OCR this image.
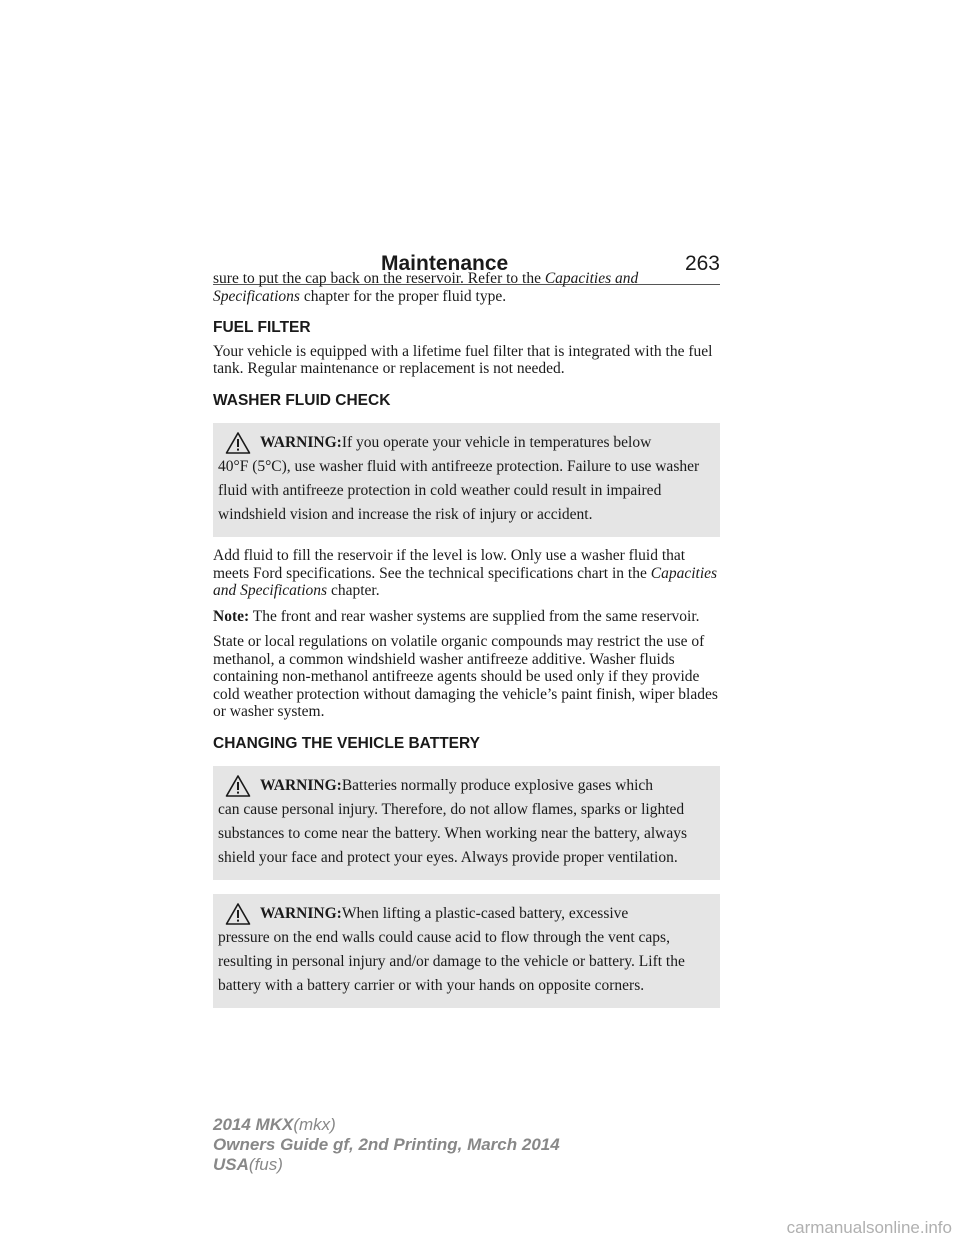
Maintenance	263

sure to put the cap back on the reservoir. Refer to the Capacities and Specifications chapter for the proper fluid type.

FUEL FILTER

Your vehicle is equipped with a lifetime fuel filter that is integrated with the fuel tank. Regular maintenance or replacement is not needed.

WASHER FLUID CHECK
WARNING:If you operate your vehicle in temperatures below
40°F (5°C), use washer fluid with antifreeze protection. Failure to use washer fluid with antifreeze protection in cold weather could result in impaired windshield vision and increase the risk of injury or accident.

Add fluid to fill the reservoir if the level is low. Only use a washer fluid that meets Ford specifications. See the technical specifications chart in the Capacities and Specifications chapter.

Note: The front and rear washer systems are supplied from the same reservoir.

State or local regulations on volatile organic compounds may restrict the use of methanol, a common windshield washer antifreeze additive. Washer fluids containing non-methanol antifreeze agents should be used only if they provide cold weather protection without damaging the vehicle’s paint finish, wiper blades or washer system.

CHANGING THE VEHICLE BATTERY
WARNING:Batteries normally produce explosive gases which
can cause personal injury. Therefore, do not allow flames, sparks or lighted substances to come near the battery. When working near the battery, always shield your face and protect your eyes. Always provide proper ventilation.
WARNING:When lifting a plastic-cased battery, excessive
pressure on the end walls could cause acid to flow through the vent caps, resulting in personal injury and/or damage to the vehicle or battery. Lift the battery with a battery carrier or with your hands on opposite corners.
2014 MKX(mkx)
Owners Guide gf, 2nd Printing, March 2014
USA(fus)
carmanualsonline.info
